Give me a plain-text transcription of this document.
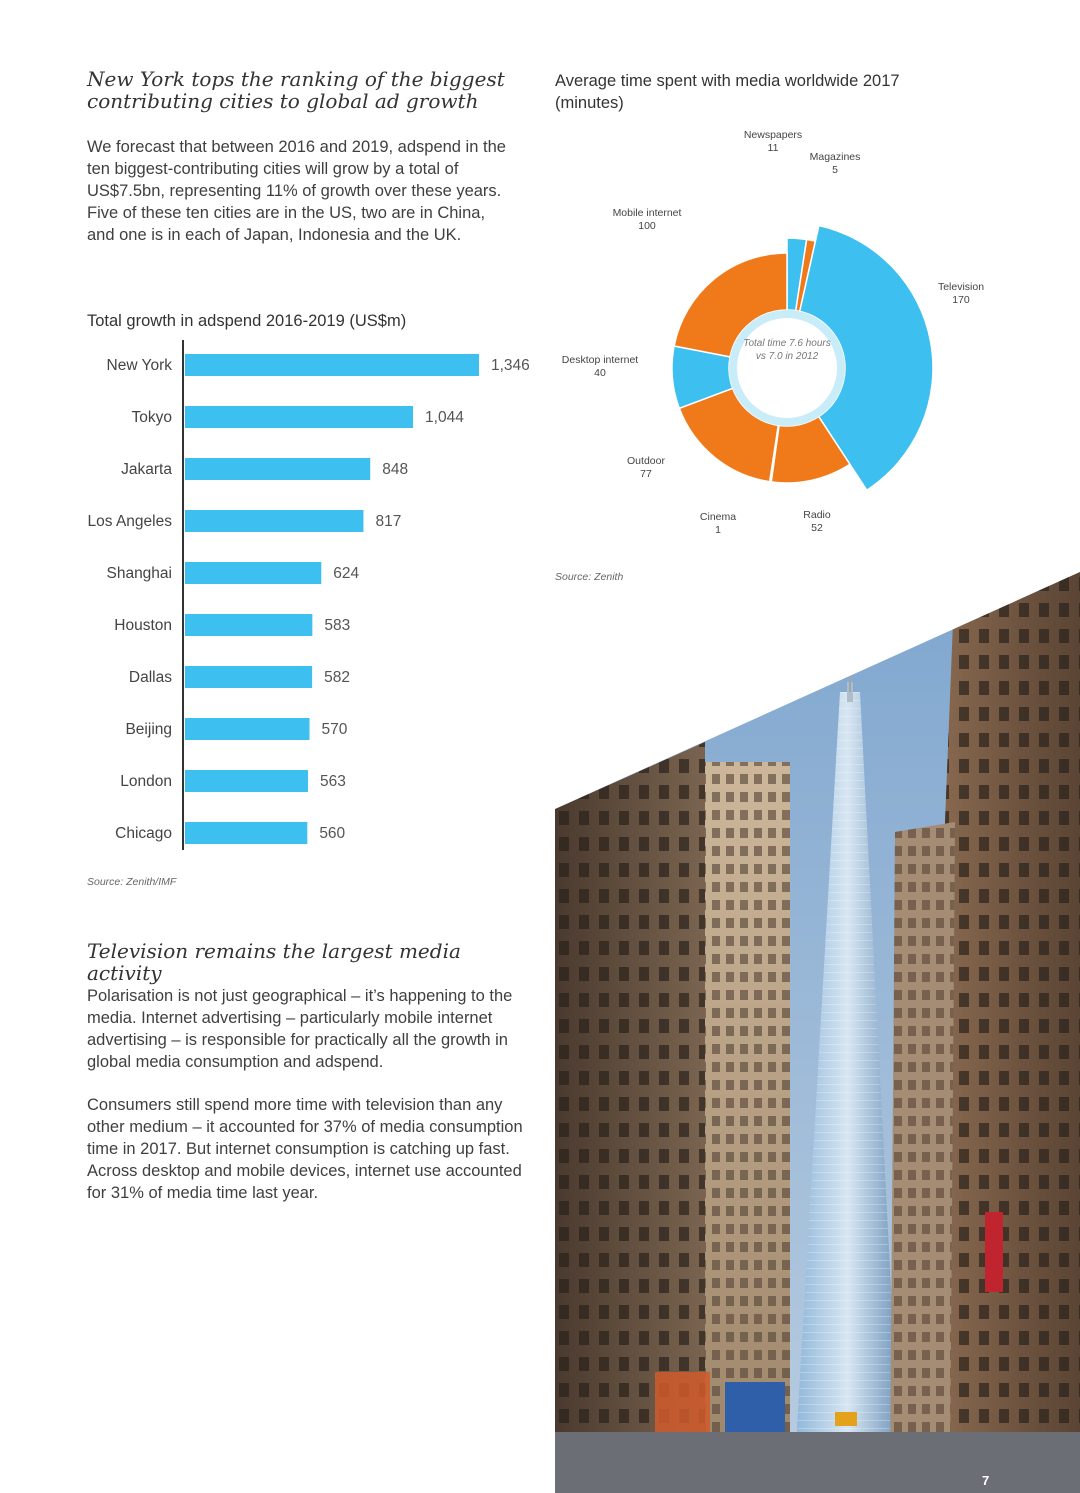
New York tops the ranking of the biggest
contributing cities to global ad growth
We forecast that between 2016 and 2019, adspend in the ten biggest-contributing cities will grow by a total of US$7.5bn, representing 11% of growth over these years. Five of these ten cities are in the US, two are in China, and one is in each of Japan, Indonesia and the UK.
Total growth in adspend 2016-2019 (US$m)
New York	1,346
Tokyo	1,044
Jakarta	848
Los Angeles	817
Shanghai	624
Houston	583
Dallas	582
Beijing	570
London	563
Chicago	560
Source: Zenith/IMF
Television remains the largest media activity
Polarisation is not just geographical – it’s happening to the media. Internet advertising – particularly mobile internet advertising – is responsible for practically all the growth in global media consumption and adspend.
Consumers still spend more time with television than any other medium – it accounted for 37% of media consumption time in 2017. But internet consumption is catching up fast. Across desktop and mobile devices, internet use accounted for 31% of media time last year.
Average time spent with media worldwide 2017
(minutes)
Newspapers
11
Magazines
5
Television
170
Radio
52
Cinema
1
Outdoor
77
Desktop internet
40
Mobile internet
100
Total time 7.6 hours
vs 7.0 in 2012
Source: Zenith
7
